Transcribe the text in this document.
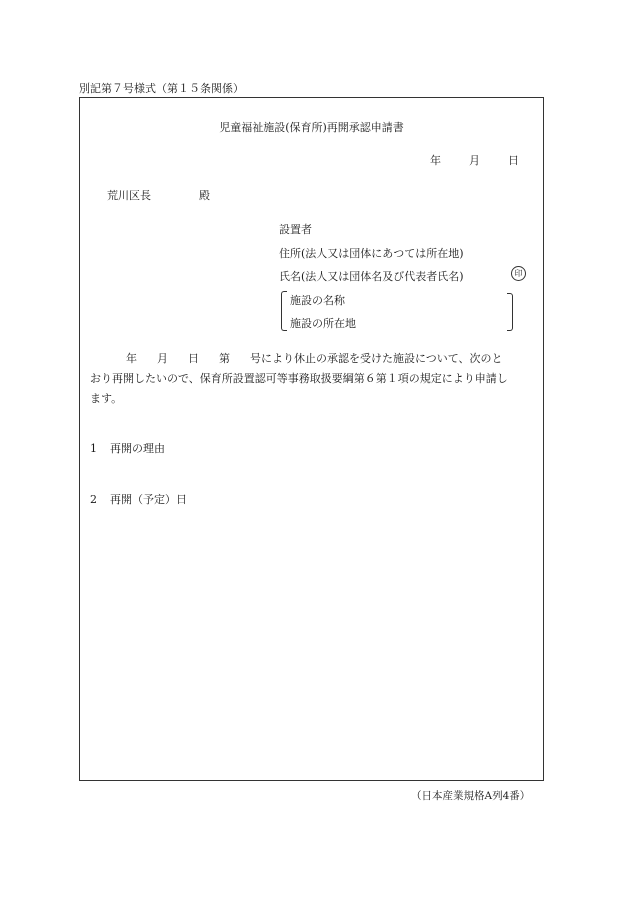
別記第７号様式（第１５条関係）
児童福祉施設(保育所)再開承認申請書
年	月	日
荒川区長	殿
設置者
住所(法人又は団体にあつては所在地)
氏名(法人又は団体名及び代表者氏名)	印
施設の名称
施設の所在地
年 月 日 第 号により休止の承認を受けた施設について、次のと
おり再開したいので、保育所設置認可等事務取扱要綱第６第１項の規定により申請し
ます。
1 再開の理由
2 再開（予定）日
（日本産業規格A列4番）
